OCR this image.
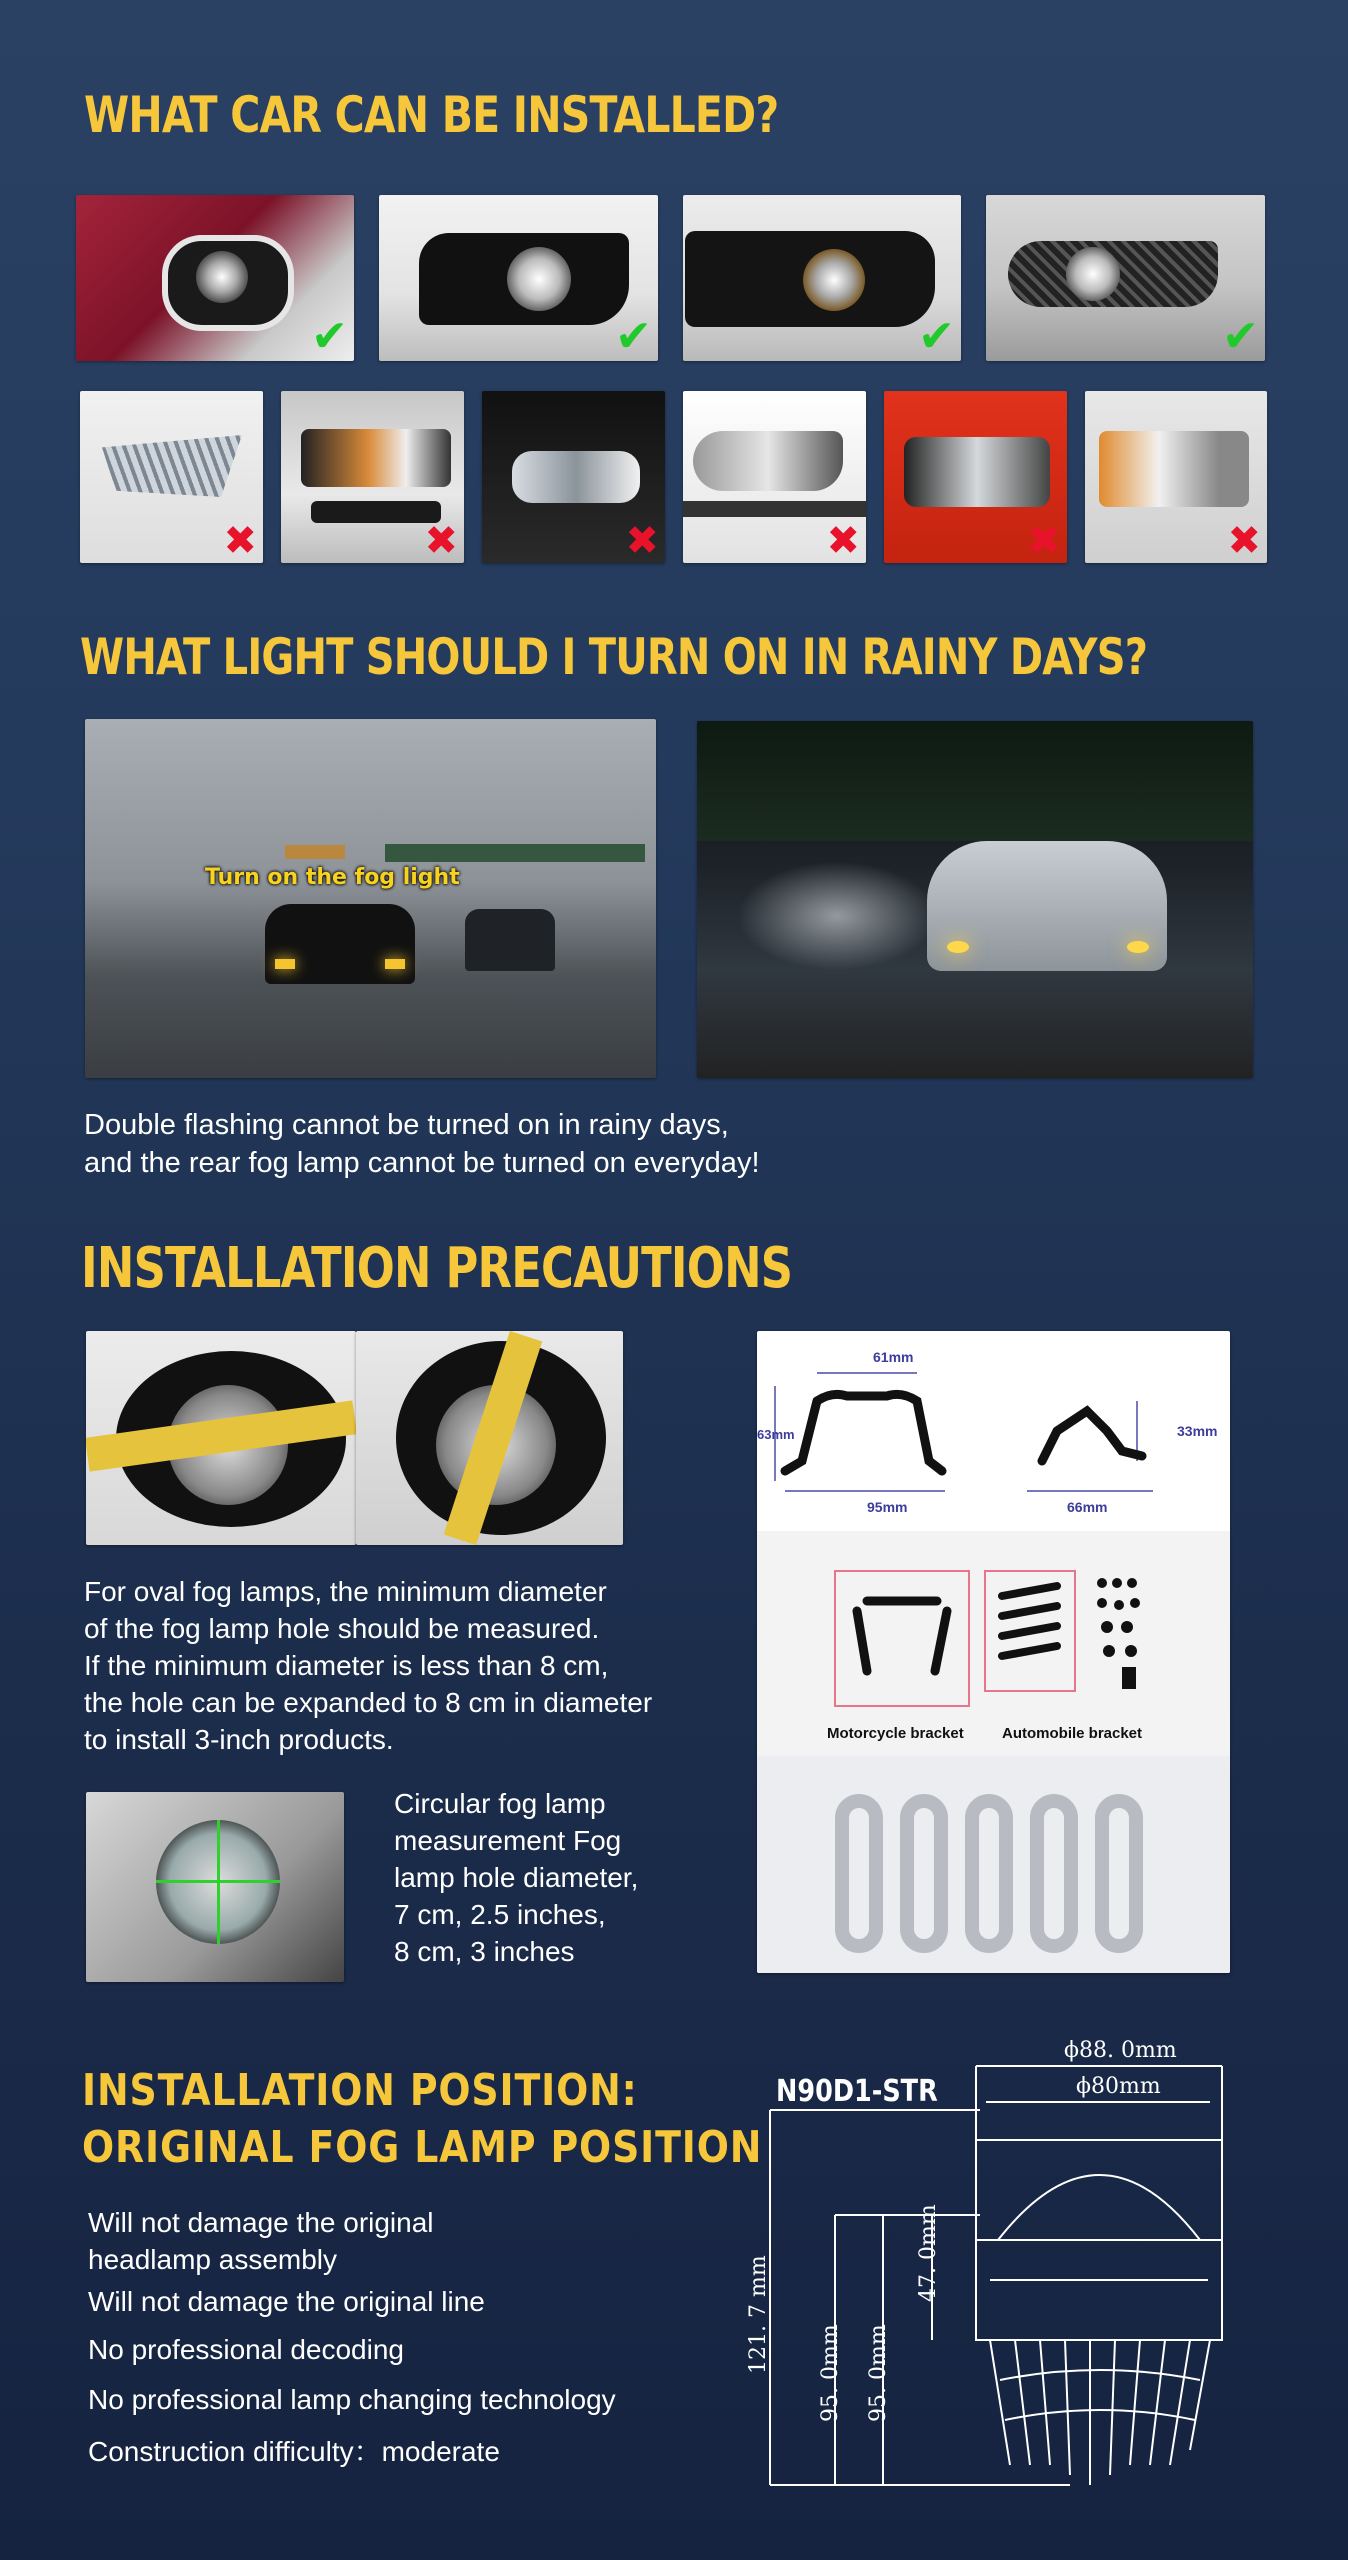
WHAT CAR CAN BE INSTALLED?
✔	✔	✔	✔
✖	✖	✖	✖	✖	✖
WHAT LIGHT SHOULD I TURN ON IN RAINY DAYS?
Turn on the fog light
Double flashing cannot be turned on in rainy days,
and the rear fog lamp cannot be turned on everyday!
INSTALLATION PRECAUTIONS
For oval fog lamps, the minimum diameter
of the fog lamp hole should be measured.
If the minimum diameter is less than 8 cm,
the hole can be expanded to 8 cm in diameter
to install 3-inch products.
Circular fog lamp
measurement Fog
lamp hole diameter,
7 cm, 2.5 inches,
8 cm, 3 inches
61mm
63mm
95mm
33mm
66mm
Motorcycle bracket	Automobile bracket
INSTALLATION POSITION:
ORIGINAL FOG LAMP POSITION
Will not damage the original
headlamp assembly
Will not damage the original line
No professional decoding
No professional lamp changing technology
Construction difficulty：moderate
N90D1-STR
ϕ88. 0mm
ϕ80mm
121. 7 mm 95. 0mm 95. 0mm
47. 0mm
